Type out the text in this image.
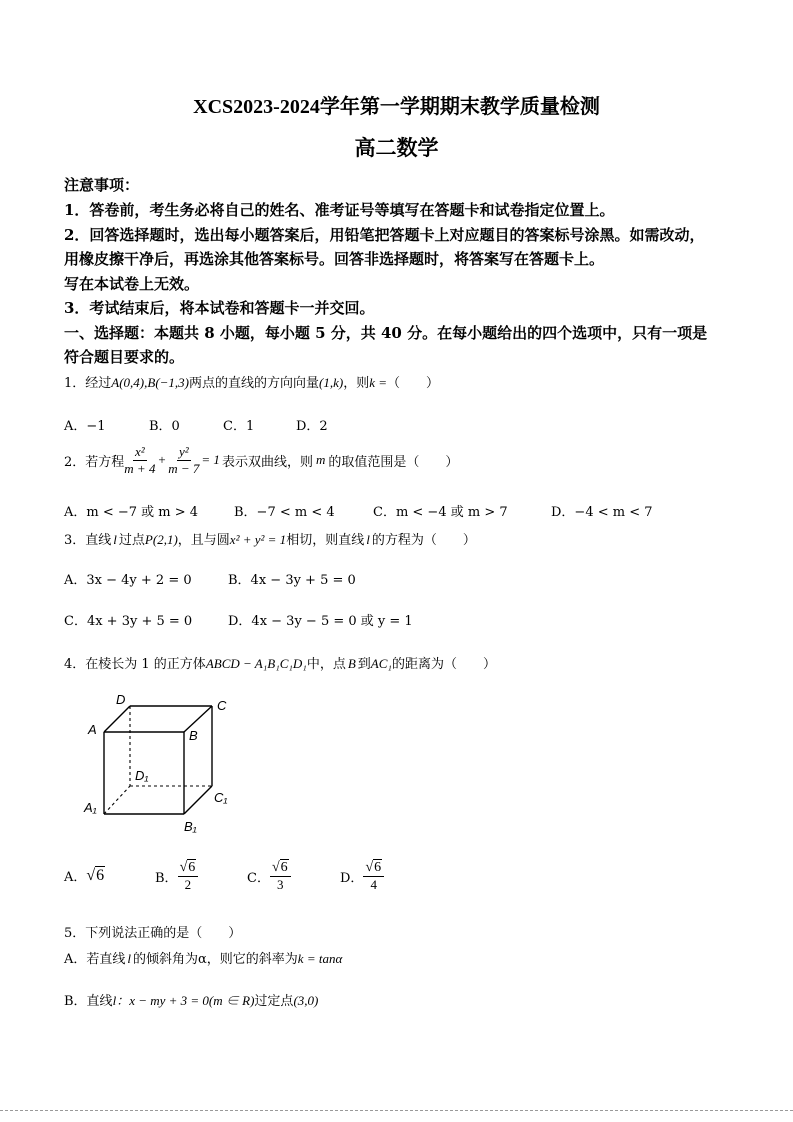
XCS2023-2024学年第一学期期末教学质量检测
高二数学
注意事项：
1．答卷前，考生务必将自己的姓名、准考证号等填写在答题卡和试卷指定位置上。
2．回答选择题时，选出每小题答案后，用铅笔把答题卡上对应题目的答案标号涂黑。如需改动，
用橡皮擦干净后，再选涂其他答案标号。回答非选择题时，将答案写在答题卡上。
写在本试卷上无效。
3．考试结束后，将本试卷和答题卡一并交回。
一、选择题：本题共 8 小题，每小题 5 分，共 40 分。在每小题给出的四个选项中，只有一项是
符合题目要求的。
1．经过A(0,4),B(−1,3)两点的直线的方向向量(1,k)，则k =（　　）
A．−1	B．0	C．1	D．2
2．若方程 $\frac{\text{x²}}{m + 4} + \frac{\text{y²}}{m - 7} = 1$ 表示双曲线，则 m 的取值范围是（　　）
A．m < −7 或 m > 4	B．−7 < m < 4	C．m < −4 或 m > 7	D．−4 < m < 7
3．直线 l 过点P(2,1)，且与圆x² + y² = 1相切，则直线 l 的方程为（　　）
A．3x − 4y + 2 = 0	B．4x − 3y + 5 = 0
C．4x + 3y + 5 = 0	D．4x − 3y − 5 = 0 或 y = 1
4．在棱长为 1 的正方体ABCD − A₁B₁C₁D₁中，点 B 到AC₁的距离为（　　）
D	C
A	B
D₁
C₁
A₁
B₁
A． √6	B． $\frac{√6}{2}$	C． $\frac{√6}{3}$	D． $\frac{√6}{4}$
5．下列说法正确的是（　　）
A．若直线 l 的倾斜角为α，则它的斜率为k = tanα
B．直线l：x − my + 3 = 0(m ∈ R)过定点(3,0)
